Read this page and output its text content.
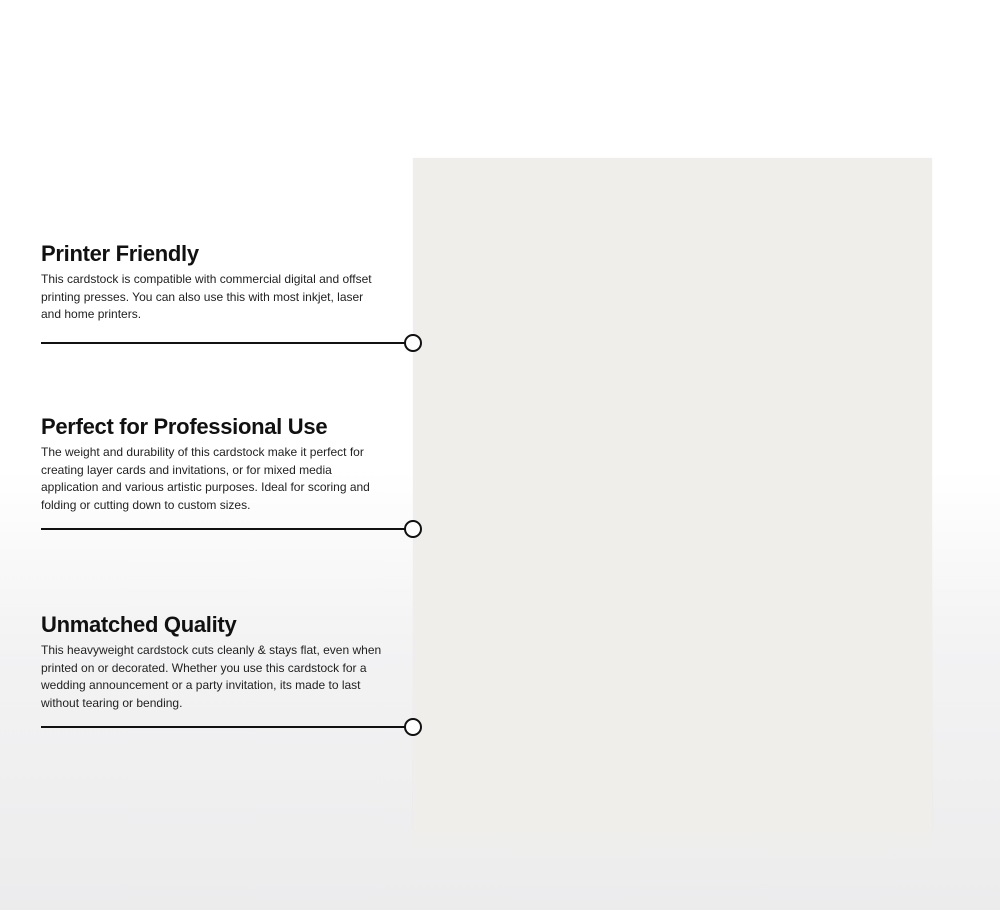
Printer Friendly

This cardstock is compatible with commercial digital and offset printing presses. You can also use this with most inkjet, laser and home printers.

Perfect for Professional Use

The weight and durability of this cardstock make it perfect for creating layer cards and invitations, or for mixed media application and various artistic purposes. Ideal for scoring and folding or cutting down to custom sizes.

Unmatched Quality

This heavyweight cardstock cuts cleanly & stays flat, even when printed on or decorated. Whether you use this cardstock for a wedding announcement or a party invitation, its made to last without tearing or bending.
